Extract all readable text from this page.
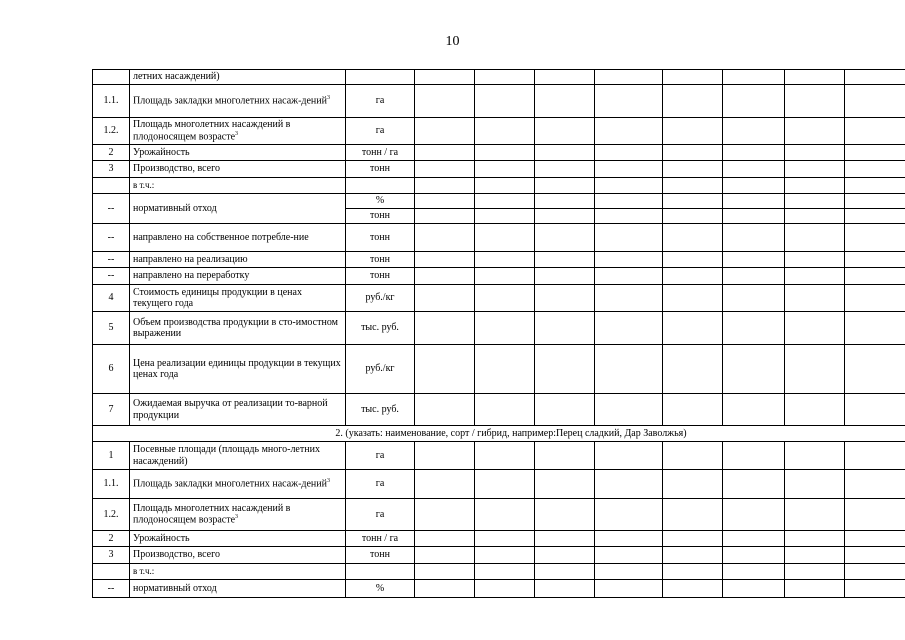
10
	летних насаждений)									
1.1.	Площадь закладки многолетних насаж-дений$^3$	га								
1.2.	Площадь многолетних насаждений в плодоносящем возрасте$^3$	га								
2	Урожайность	тонн / га								
3	Производство, всего	тонн								
	в т.ч.:									
--	нормативный отход	%								
		тонн								
--	направлено на собственное потребле-ние	тонн								
--	направлено на реализацию	тонн								
--	направлено на переработку	тонн								
4	Стоимость единицы продукции в ценах текущего года	руб./кг								
5	Объем производства продукции в сто-имостном выражении	тыс. руб.								
6	Цена реализации единицы продукции в текущих ценах года	руб./кг								
7	Ожидаемая выручка от реализации то-варной продукции	тыс. руб.								
2. (указать: наименование, сорт / гибрид, например:Перец сладкий, Дар Заволжья)										
1	Посевные площади (площадь много-летних насаждений)	га								
1.1.	Площадь закладки многолетних насаж-дений$^3$	га								
1.2.	Площадь многолетних насаждений в плодоносящем возрасте$^3$	га								
2	Урожайность	тонн / га								
3	Производство, всего	тонн								
	в т.ч.:									
--	нормативный отход	%								
